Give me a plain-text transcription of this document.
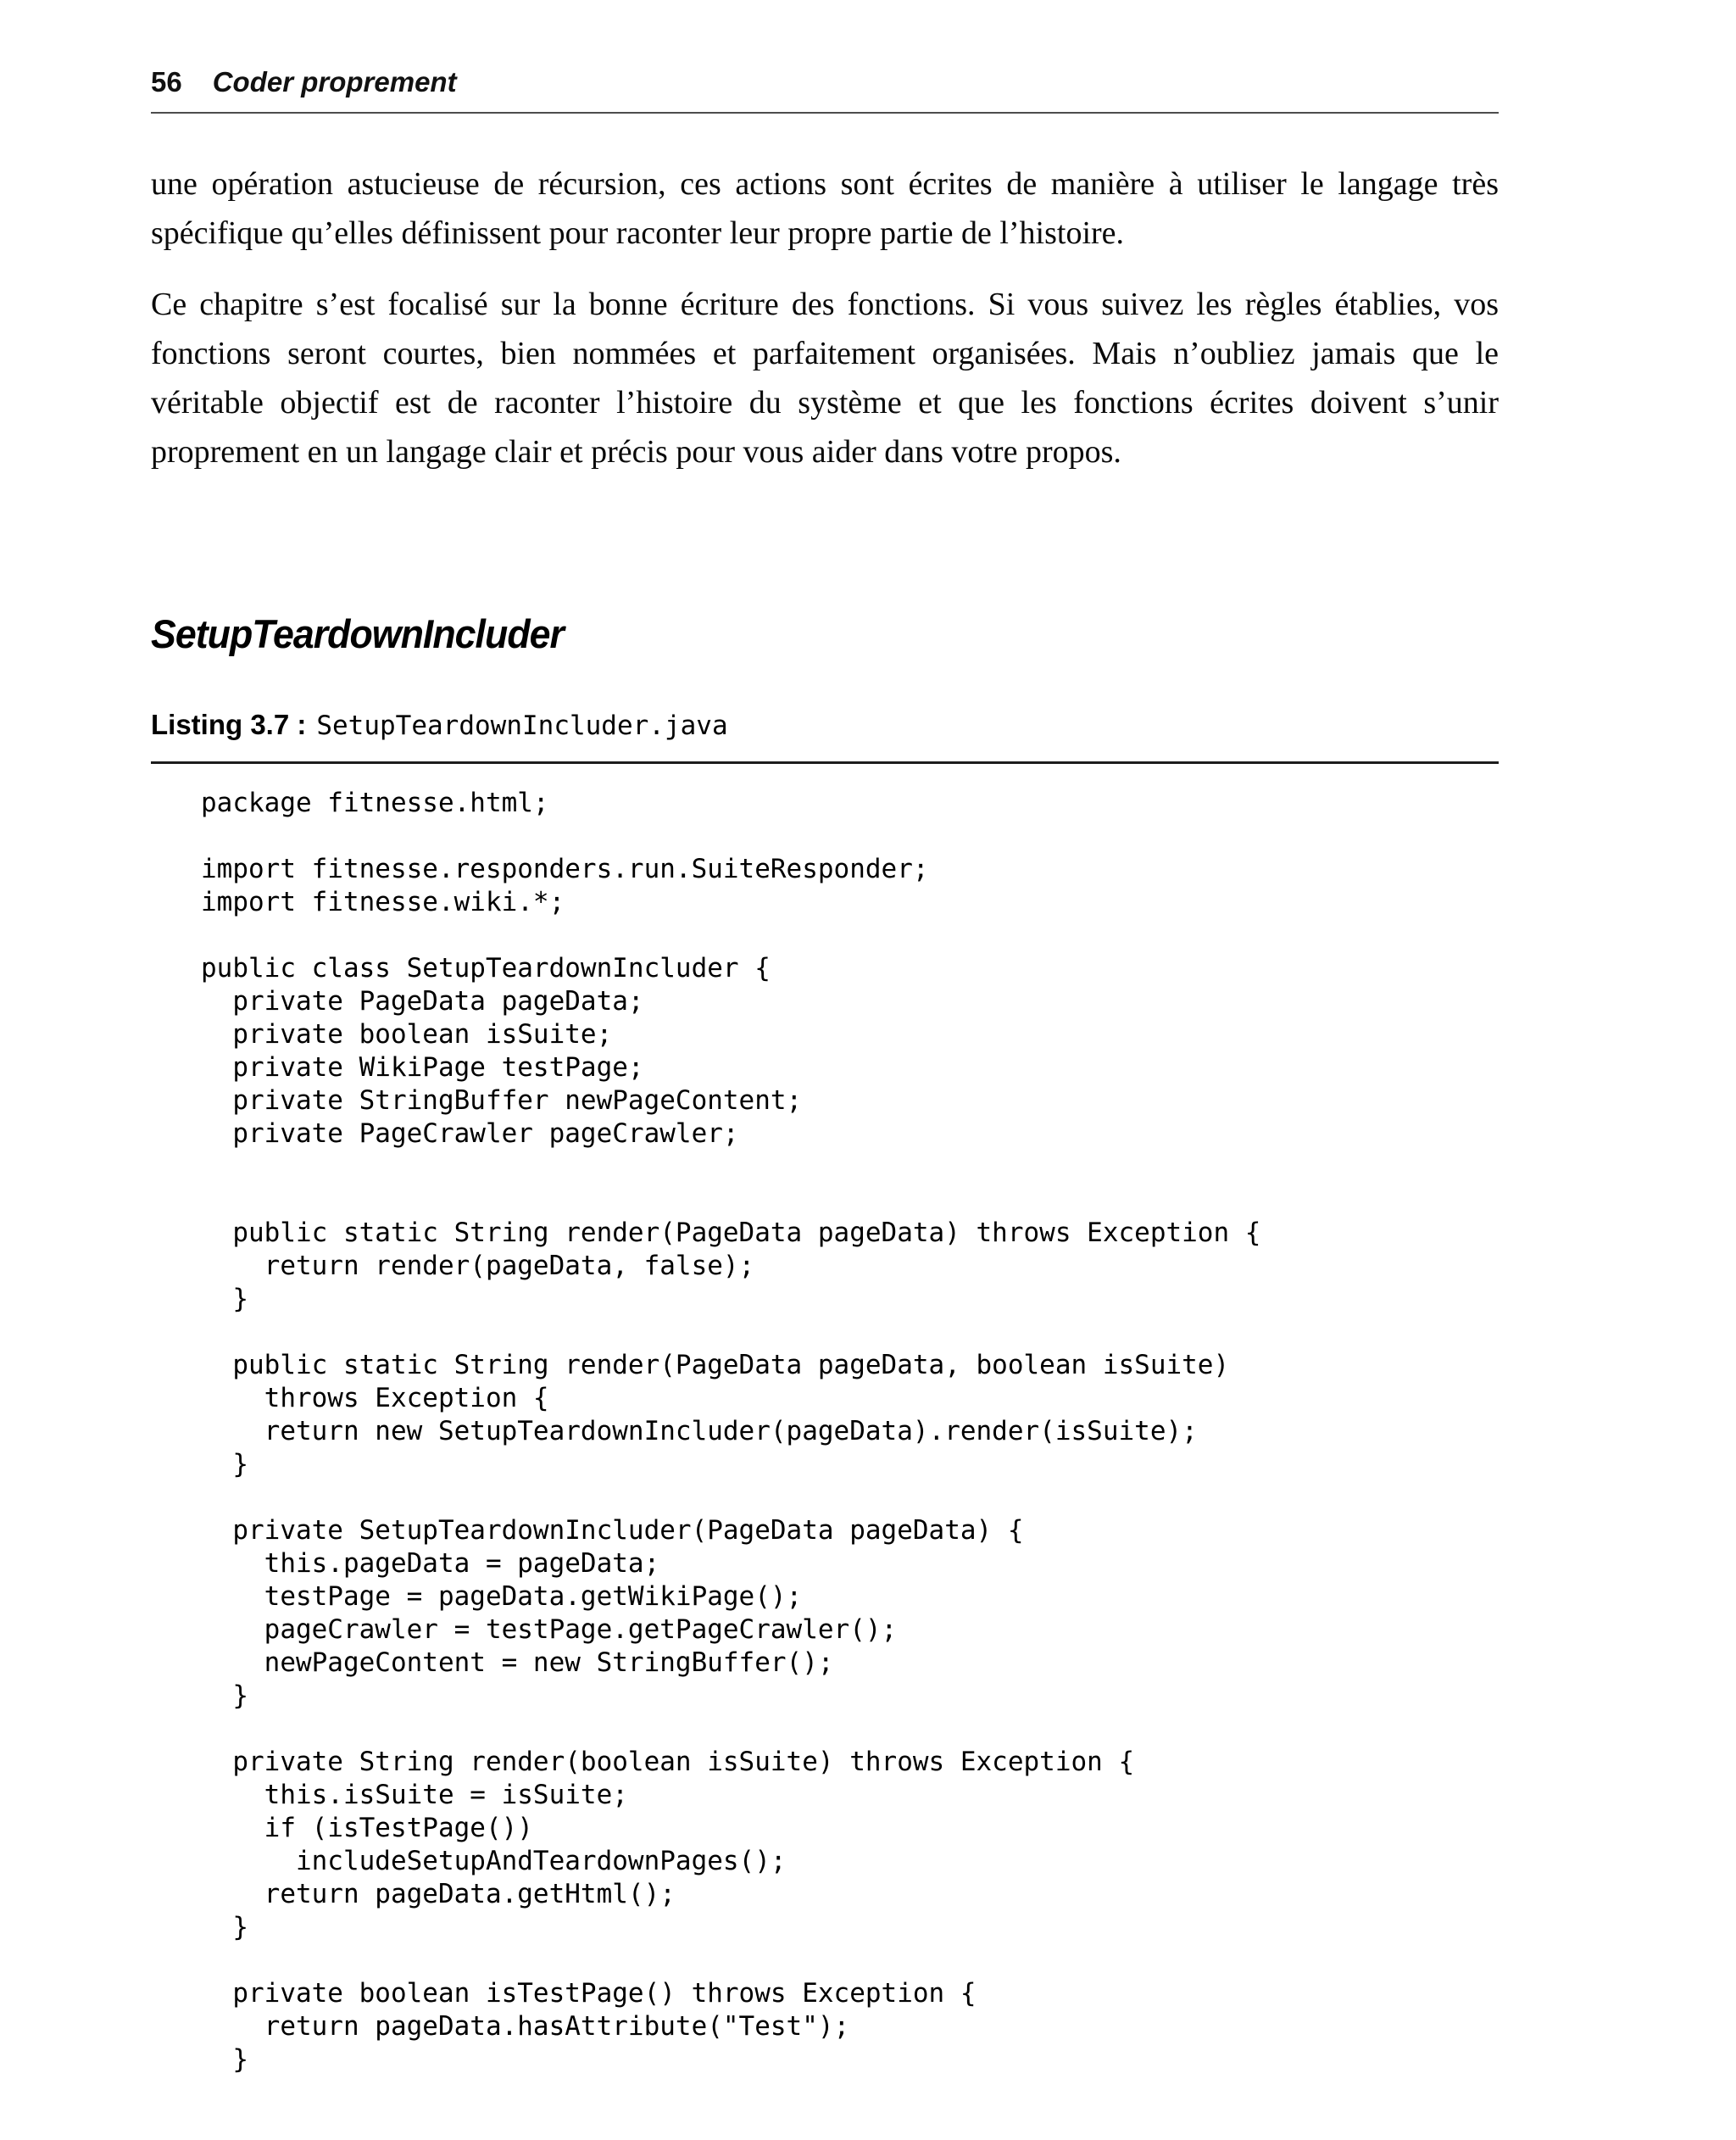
56 Coder proprement

une opération astucieuse de récursion, ces actions sont écrites de manière à utiliser le langage très spécifique qu’elles définissent pour raconter leur propre partie de l’histoire.

Ce chapitre s’est focalisé sur la bonne écriture des fonctions. Si vous suivez les règles établies, vos fonctions seront courtes, bien nommées et parfaitement organisées. Mais n’oubliez jamais que le véritable objectif est de raconter l’histoire du système et que les fonctions écrites doivent s’unir proprement en un langage clair et précis pour vous aider dans votre propos.

SetupTeardownIncluder
Listing 3.7 : SetupTeardownIncluder.java
package fitnesse.html;
import fitnesse.responders.run.SuiteResponder;
import fitnesse.wiki.*;
public class SetupTeardownIncluder {
private PageData pageData;
private boolean isSuite;
private WikiPage testPage;
private StringBuffer newPageContent;
private PageCrawler pageCrawler;
public static String render(PageData pageData) throws Exception {
return render(pageData, false);
}
public static String render(PageData pageData, boolean isSuite)
throws Exception {
return new SetupTeardownIncluder(pageData).render(isSuite);
}
private SetupTeardownIncluder(PageData pageData) {
this.pageData = pageData;
testPage = pageData.getWikiPage();
pageCrawler = testPage.getPageCrawler();
newPageContent = new StringBuffer();
}
private String render(boolean isSuite) throws Exception {
this.isSuite = isSuite;
if (isTestPage())
includeSetupAndTeardownPages();
return pageData.getHtml();
}
private boolean isTestPage() throws Exception {
return pageData.hasAttribute("Test");
}
